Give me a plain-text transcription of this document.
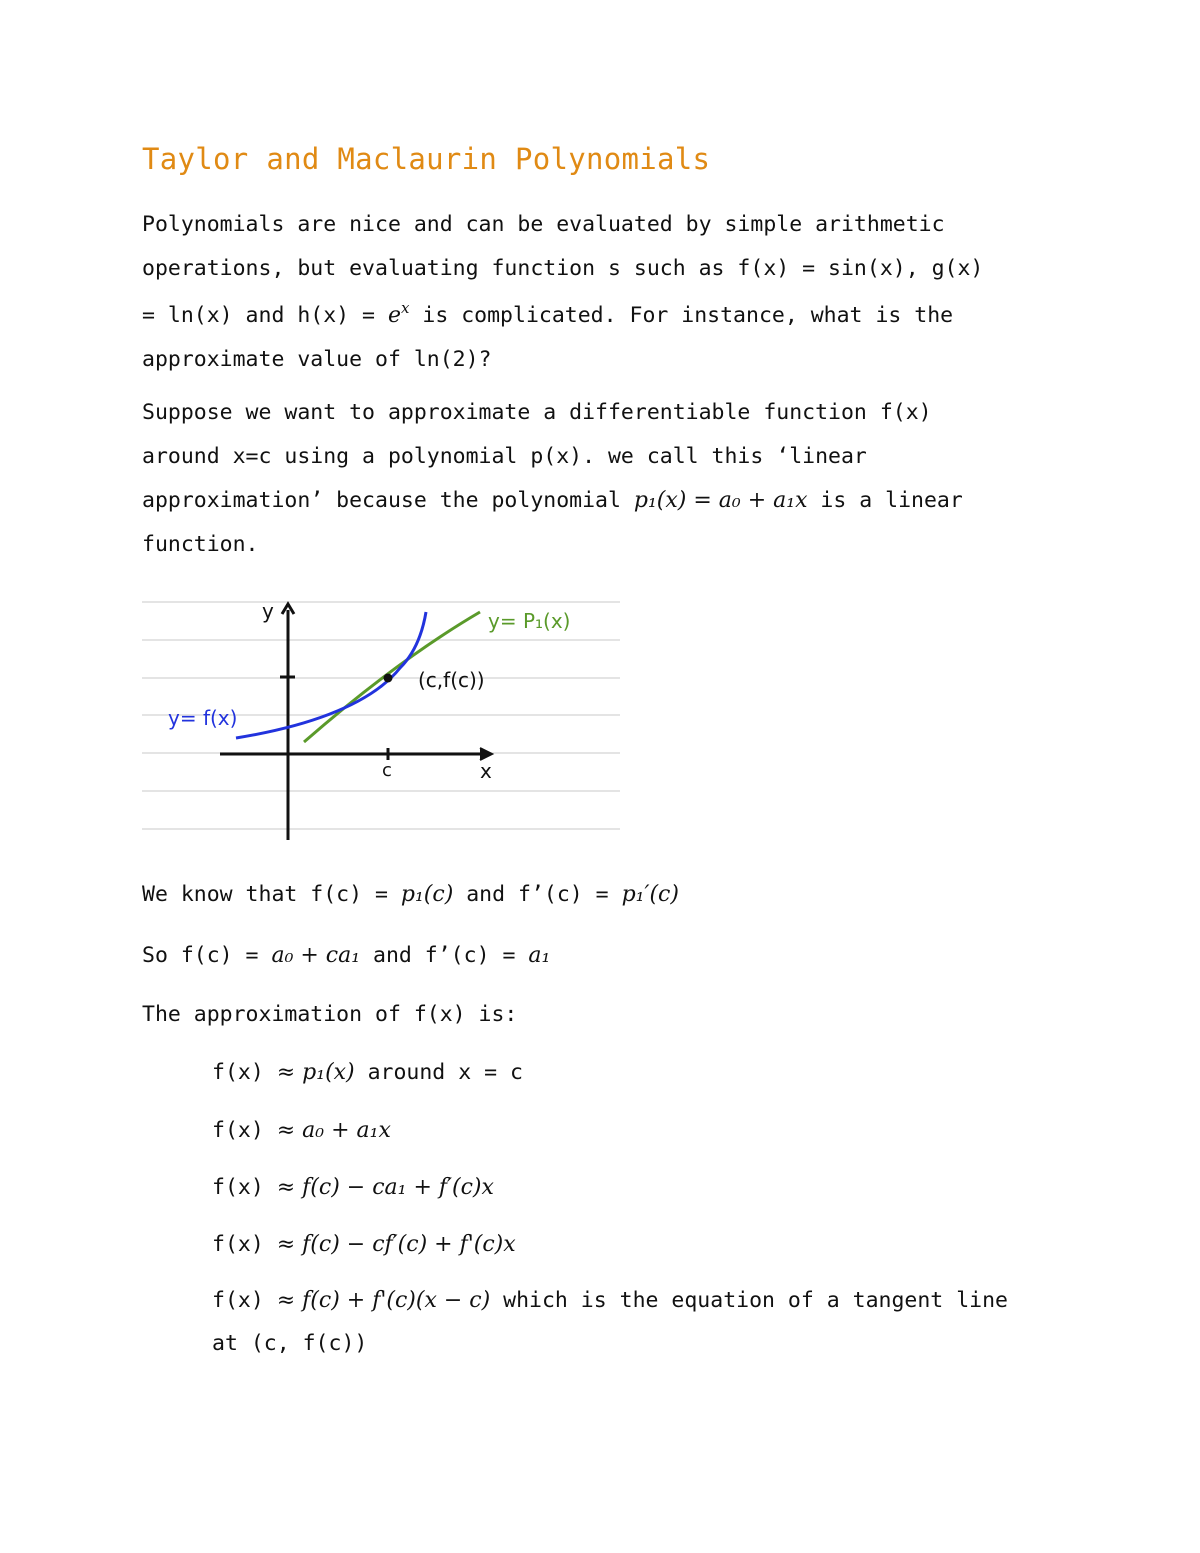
Taylor and Maclaurin Polynomials
Polynomials are nice and can be evaluated by simple arithmetic
operations, but evaluating function s such as f(x) = sin(x), g(x)
= ln(x) and $h(x) = e^x$ is complicated. For instance, what is the
approximate value of ln(2)?
Suppose we want to approximate a differentiable function f(x)
around x=c using a polynomial p(x). we call this ‘linear
approximation’ because the polynomial p₁(x) = a₀ + a₁x is a linear
function.
y
x
c
y= f(x)
y= P₁(x)
(c,f(c))
We know that f(c) = p₁(c) and f’(c) = p₁′(c)
So f(c) = a₀ + ca₁ and f’(c) = a₁
The approximation of f(x) is:
f(x) ≈ p₁(x) around x = c
f(x) ≈ a₀ + a₁x
f(x) ≈ f(c) − ca₁ + f′(c)x
f(x) ≈ f(c) − cf′(c) + f'(c)x
f(x) ≈ f(c) + f'(c)(x − c) which is the equation of a tangent line
at (c, f(c))
